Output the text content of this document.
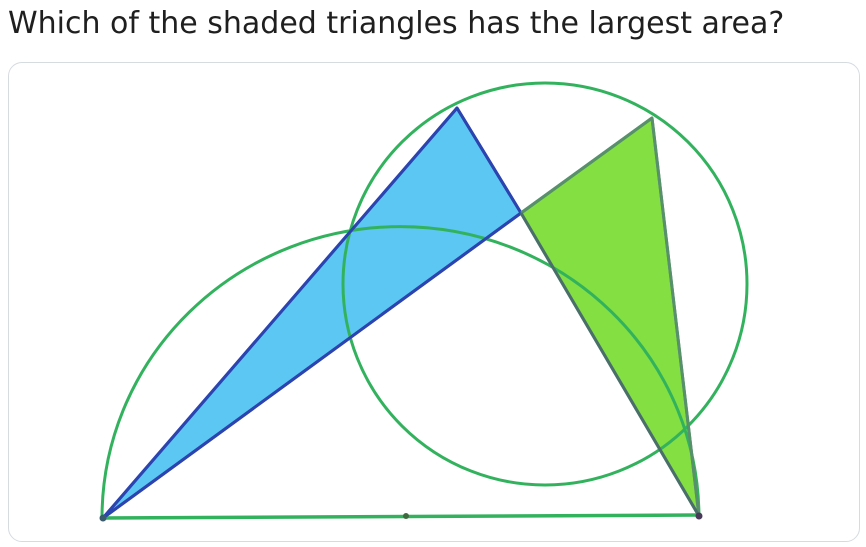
Which of the shaded triangles has the largest area?
